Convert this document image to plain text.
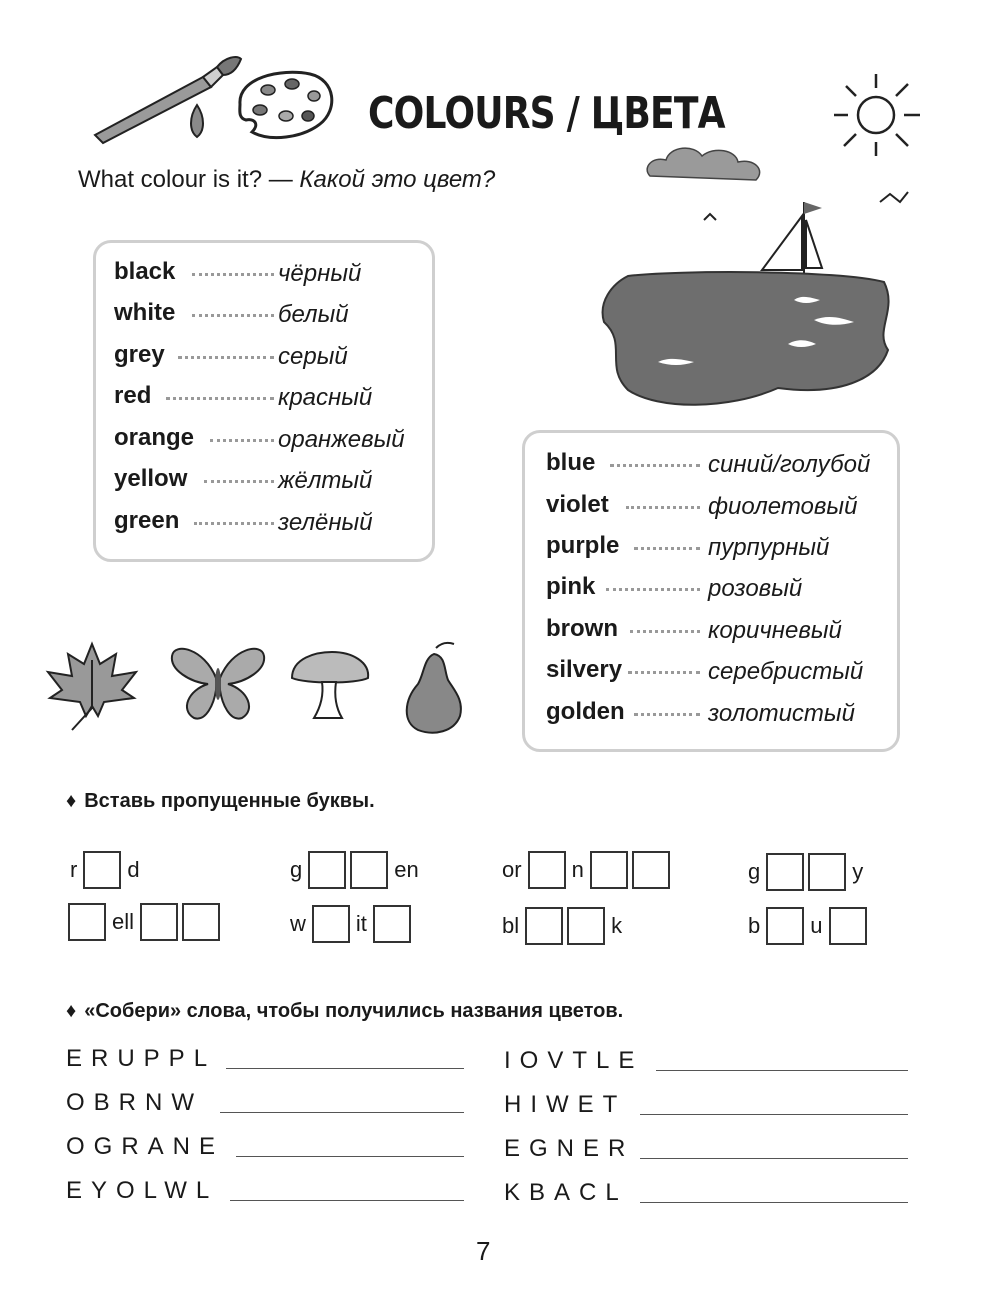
COLOURS / ЦВЕТА
What colour is it? — Какой это цвет?
black	чёрный
white	белый
grey	серый
red	красный
orange	оранжевый
yellow	жёлтый
green	зелёный
blue	синий/голубой
violet	фиолетовый
purple	пурпурный
pink	розовый
brown	коричневый
silvery	серебристый
golden	золотистый
♦ Вставь пропущенные буквы.
r d	g	en	or n	g	y
ell	w it	bl	k	b u
♦ «Собери» слова, чтобы получились названия цветов.
ERUPPL
OBRNW
OGRANE
EYOLWL
IOVTLE
HIWET
EGNER
KBACL
7
